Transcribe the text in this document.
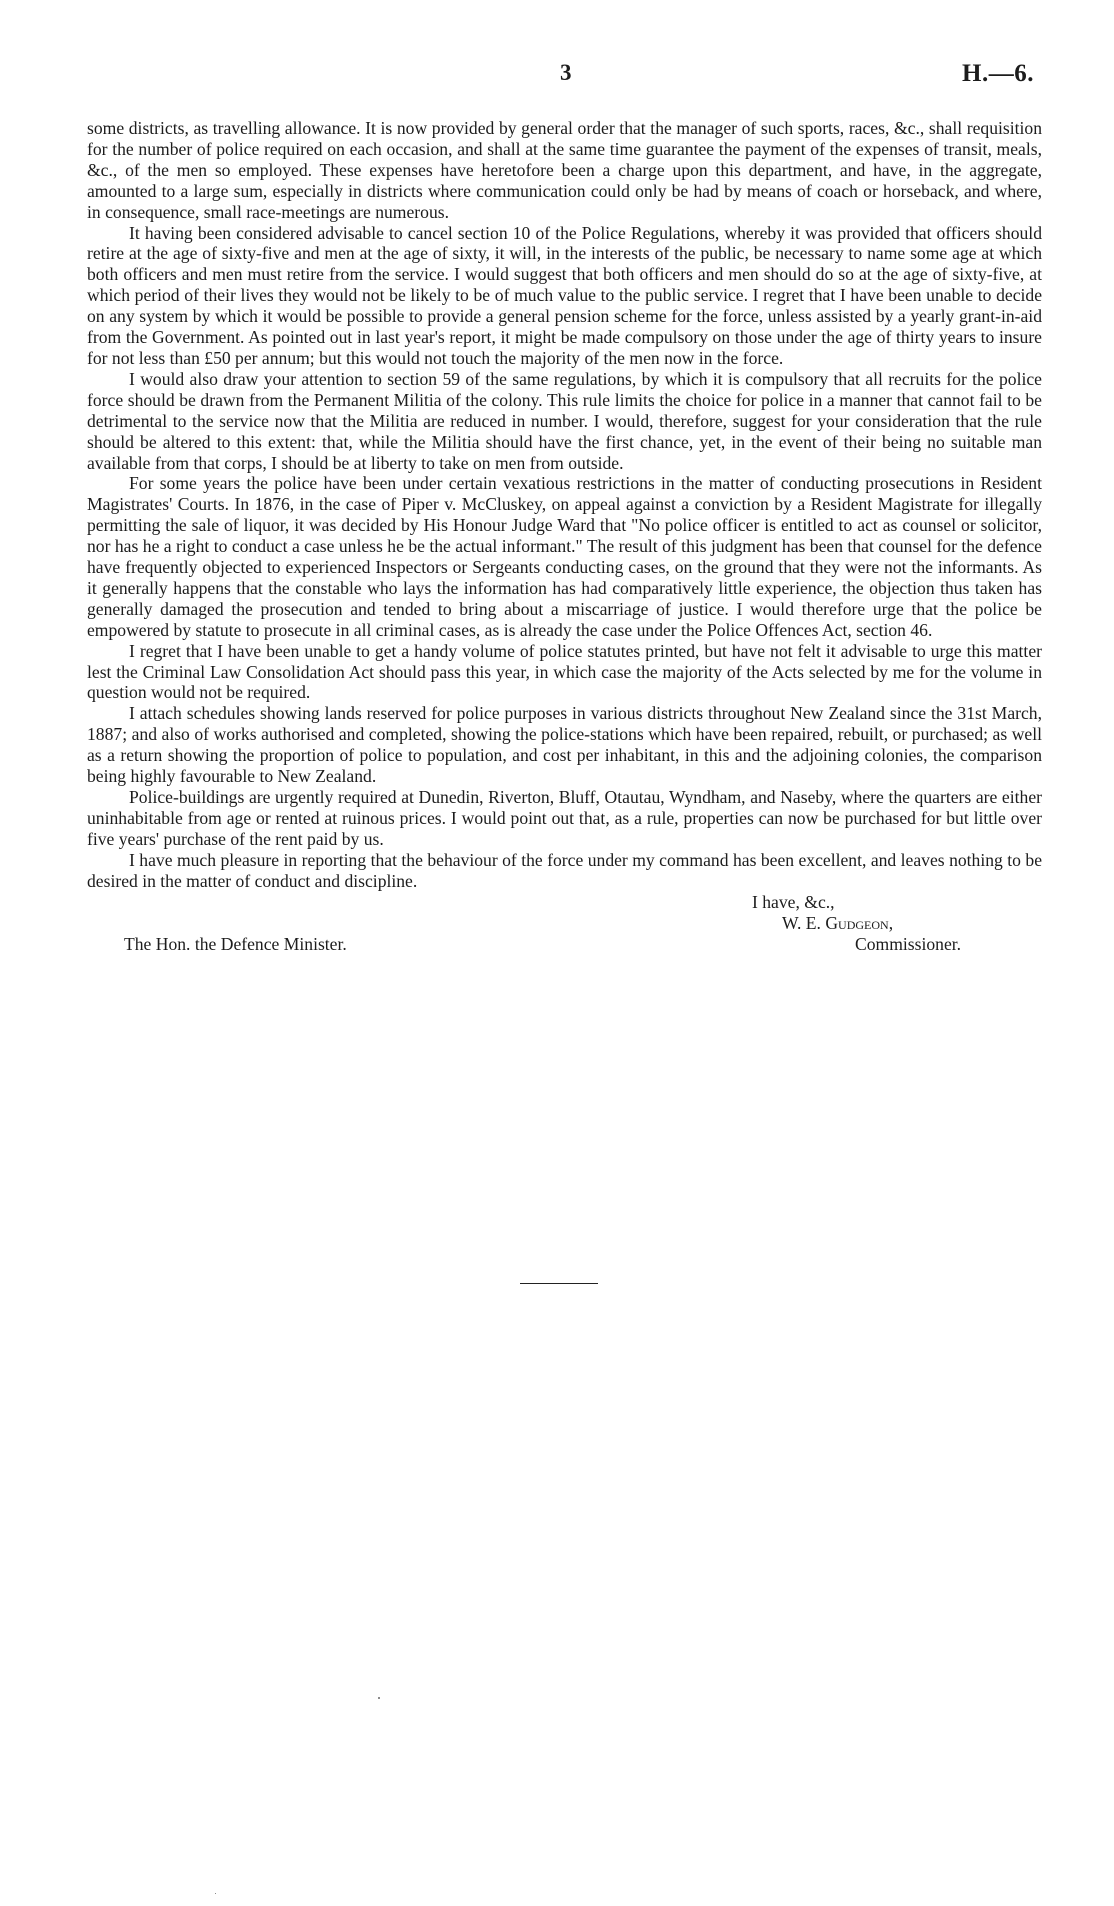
3	H.—6.

some districts, as travelling allowance. It is now provided by general order that the manager of such sports, races, &c., shall requisition for the number of police required on each occasion, and shall at the same time guarantee the payment of the expenses of transit, meals, &c., of the men so employed. These expenses have heretofore been a charge upon this department, and have, in the aggregate, amounted to a large sum, especially in districts where communication could only be had by means of coach or horseback, and where, in consequence, small race-meetings are numerous.

It having been considered advisable to cancel section 10 of the Police Regulations, whereby it was provided that officers should retire at the age of sixty-five and men at the age of sixty, it will, in the interests of the public, be necessary to name some age at which both officers and men must retire from the service. I would suggest that both officers and men should do so at the age of sixty-five, at which period of their lives they would not be likely to be of much value to the public service. I regret that I have been unable to decide on any system by which it would be possible to provide a general pension scheme for the force, unless assisted by a yearly grant-in-aid from the Government. As pointed out in last year's report, it might be made compulsory on those under the age of thirty years to insure for not less than £50 per annum; but this would not touch the majority of the men now in the force.

I would also draw your attention to section 59 of the same regulations, by which it is compulsory that all recruits for the police force should be drawn from the Permanent Militia of the colony. This rule limits the choice for police in a manner that cannot fail to be detrimental to the service now that the Militia are reduced in number. I would, therefore, suggest for your consideration that the rule should be altered to this extent: that, while the Militia should have the first chance, yet, in the event of their being no suitable man available from that corps, I should be at liberty to take on men from outside.

For some years the police have been under certain vexatious restrictions in the matter of conducting prosecutions in Resident Magistrates' Courts. In 1876, in the case of Piper v. McCluskey, on appeal against a conviction by a Resident Magistrate for illegally permitting the sale of liquor, it was decided by His Honour Judge Ward that "No police officer is entitled to act as counsel or solicitor, nor has he a right to conduct a case unless he be the actual informant." The result of this judgment has been that counsel for the defence have frequently objected to experienced Inspectors or Sergeants conducting cases, on the ground that they were not the informants. As it generally happens that the constable who lays the information has had comparatively little experience, the objection thus taken has generally damaged the prosecution and tended to bring about a miscarriage of justice. I would therefore urge that the police be empowered by statute to prosecute in all criminal cases, as is already the case under the Police Offences Act, section 46.

I regret that I have been unable to get a handy volume of police statutes printed, but have not felt it advisable to urge this matter lest the Criminal Law Consolidation Act should pass this year, in which case the majority of the Acts selected by me for the volume in question would not be required.

I attach schedules showing lands reserved for police purposes in various districts throughout New Zealand since the 31st March, 1887; and also of works authorised and completed, showing the police-stations which have been repaired, rebuilt, or purchased; as well as a return showing the proportion of police to population, and cost per inhabitant, in this and the adjoining colonies, the comparison being highly favourable to New Zealand.

Police-buildings are urgently required at Dunedin, Riverton, Bluff, Otautau, Wyndham, and Naseby, where the quarters are either uninhabitable from age or rented at ruinous prices. I would point out that, as a rule, properties can now be purchased for but little over five years' purchase of the rent paid by us.

I have much pleasure in reporting that the behaviour of the force under my command has been excellent, and leaves nothing to be desired in the matter of conduct and discipline.

I have, &c.,
W. E. Gudgeon,
The Hon. the Defence Minister.	Commissioner.
